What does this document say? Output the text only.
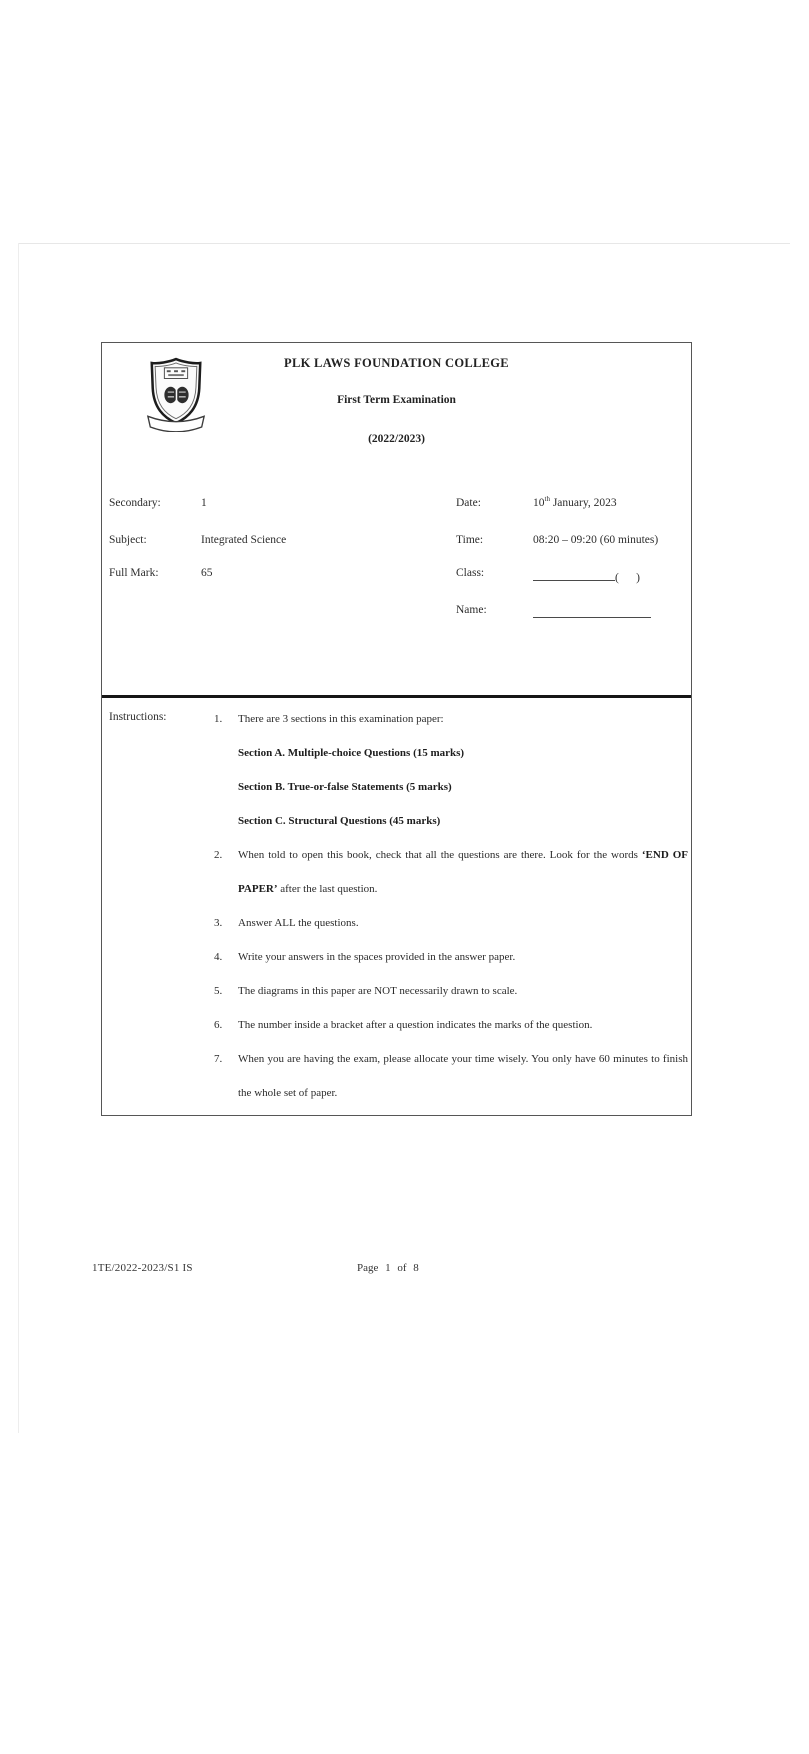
PLK LAWS FOUNDATION COLLEGE
First Term Examination
(2022/2023)
Secondary:	1	Date:	10th January, 2023
Subject:	Integrated Science	Time:	08:20 – 09:20 (60 minutes)
Full Mark:	65	Class:	(      )
Name:
Instructions:	1.	There are 3 sections in this examination paper:
Section A. Multiple-choice Questions (15 marks)
Section B. True-or-false Statements (5 marks)
Section C. Structural Questions (45 marks)
2.	When told to open this book, check that all the questions are there. Look for the words ‘END OF PAPER’ after the last question.
3.	Answer ALL the questions.
4.	Write your answers in the spaces provided in the answer paper.
5.	The diagrams in this paper are NOT necessarily drawn to scale.
6.	The number inside a bracket after a question indicates the marks of the question.
7.	When you are having the exam, please allocate your time wisely. You only have 60 minutes to finish the whole set of paper.
1TE/2022-2023/S1 IS	Page 1 of 8
